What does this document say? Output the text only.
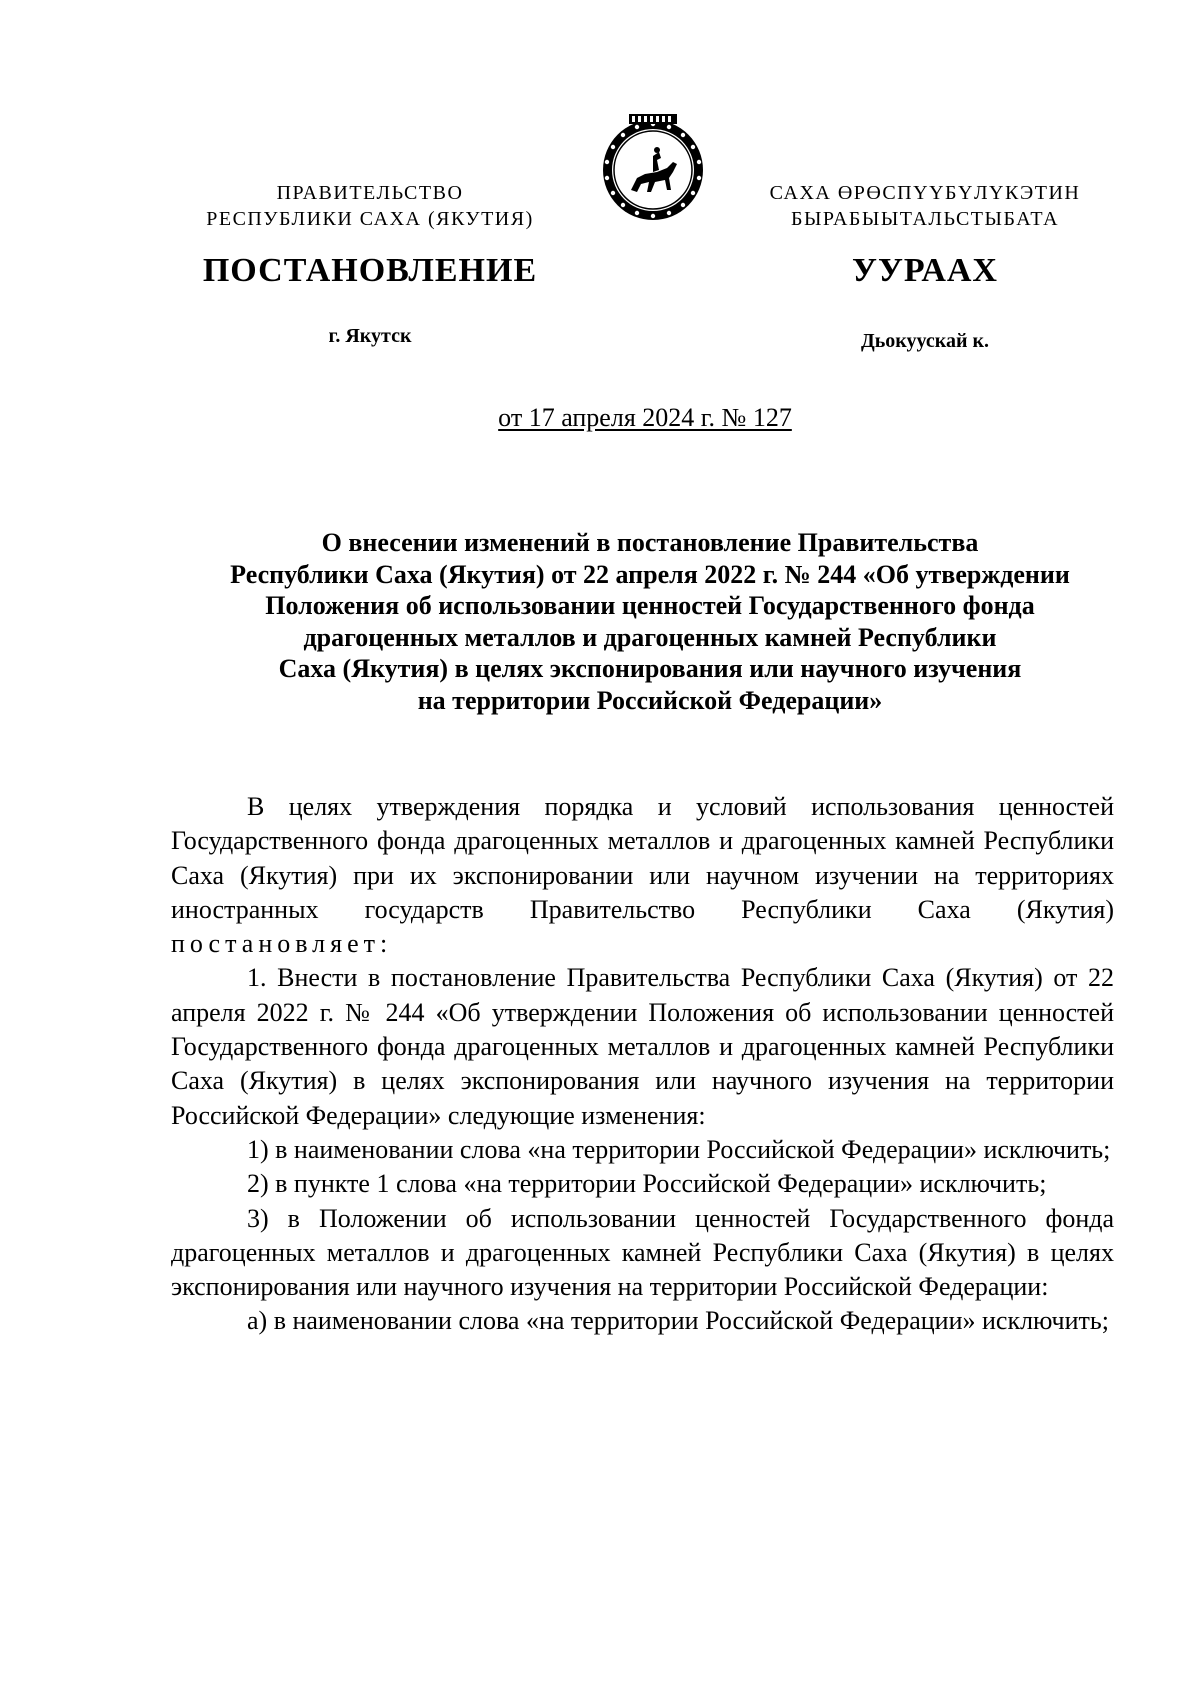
ПРАВИТЕЛЬСТВО
РЕСПУБЛИКИ САХА (ЯКУТИЯ)
САХА ӨРӨСПҮҮБҮЛҮКЭТИН
БЫРАБЫЫТАЛЬСТЫБАТА
ПОСТАНОВЛЕНИЕ	УУРААХ
г. Якутск	Дьокуускай к.
от 17 апреля 2024 г. № 127
О внесении изменений в постановление Правительства
Республики Саха (Якутия) от 22 апреля 2022 г. № 244 «Об утверждении
Положения об использовании ценностей Государственного фонда
драгоценных металлов и драгоценных камней Республики
Саха (Якутия) в целях экспонирования или научного изучения
на территории Российской Федерации»

В целях утверждения порядка и условий использования ценностей Государственного фонда драгоценных металлов и драгоценных камней Республики Саха (Якутия) при их экспонировании или научном изучении на территориях иностранных государств Правительство Республики Саха (Якутия) постановляет:

1. Внести в постановление Правительства Республики Саха (Якутия) от 22 апреля 2022 г. № 244 «Об утверждении Положения об использовании ценностей Государственного фонда драгоценных металлов и драгоценных камней Республики Саха (Якутия) в целях экспонирования или научного изучения на территории Российской Федерации» следующие изменения:

1) в наименовании слова «на территории Российской Федерации» исключить;

2) в пункте 1 слова «на территории Российской Федерации» исключить;

3) в Положении об использовании ценностей Государственного фонда драгоценных металлов и драгоценных камней Республики Саха (Якутия) в целях экспонирования или научного изучения на территории Российской Федерации:

а) в наименовании слова «на территории Российской Федерации» исключить;
